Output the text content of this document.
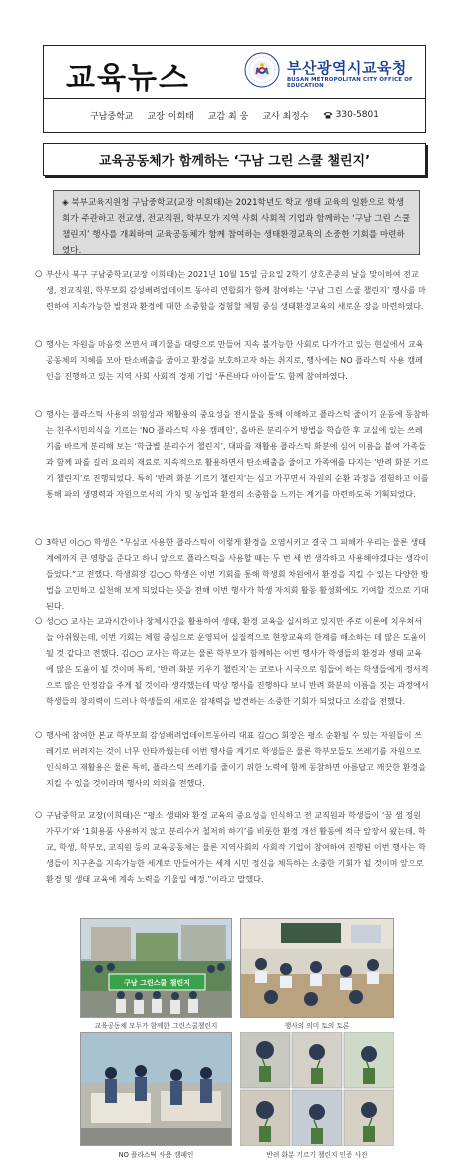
교육뉴스	부산광역시교육청
BUSAN METROPOLITAN CITY OFFICE OF EDUCATION
구남중학교 교장 이희태 교감 최 웅 교사 최정수	330-5801
교육공동체가 함께하는 ‘구남 그린 스쿨 챌린지’
◈ 북부교육지원청 구남중학교(교장 이희태)는 2021학년도 학교 생태 교육의 일환으로 학생회가 주관하고 전교생, 전교직원, 학부모가 지역 사회 사회적 기업과 함께하는 ‘구남 그린 스쿨 챌린지’ 행사를 개최하여 교육공동체가 함께 참여하는 생태환경교육의 소중한 기회를 마련하였다.
○ 부산시 북구 구남중학교(교장 이희태)는 2021년 10월 15일 금요일 2학기 상호존중의 날을 맞이하여 전교생, 전교직원, 학부모회 감성배려업데이트 동아리 연합회가 함께 참여하는 ‘구남 그린 스쿨 챌린지’ 행사를 마련하여 지속가능한 발전과 환경에 대한 소중함을 경험할 체험 중심 생태환경교육의 새로운 장을 마련하였다.
○ 행사는 자원을 마음껏 쓰면서 폐기물을 대량으로 만들어 지속 불가능한 사회로 다가가고 있는 현실에서 교육공동체의 지혜를 모아 탄소배출을 줄이고 환경을 보호하고자 하는 취지로, 행사에는 NO 플라스틱 사용 캠페인을 진행하고 있는 지역 사회 사회적 경제 기업 ‘푸른바다 아이들’도 함께 참여하였다.
○ 행사는 플라스틱 사용의 위험성과 재활용의 중요성을 전시물을 통해 이해하고 플라스틱 줄이기 운동에 동참하는 친주시민의식을 기르는 ‘NO 플라스틱 사용 캠페인’, 올바른 분리수거 방법을 학습한 후 교실에 있는 쓰레기를 바르게 분리해 보는 ‘학급별 분리수거 챌린지’, 대파를 재활용 플라스틱 화분에 심어 이름을 붙여 가족들과 함께 파를 길러 요리의 재료로 지속적으로 활용하면서 탄소배출을 줄이고 가족애를 다지는 ‘반려 화분 기르기 챌린지’로 진행되었다. 특히 ‘반려 화분 기르기 챌린지’는 심고 가꾸면서 자원의 순환 과정을 경험하고 이를 통해 파의 생명력과 자원으로서의 가치 및 농업과 환경의 소중함을 느끼는 계기를 마련하도록 기획되었다.
○ 3학년 이○○ 학생은 “무심코 사용한 플라스틱이 이렇게 환경을 오염시키고 결국 그 피해가 우리는 물론 생태계에까지 큰 영향을 준다고 하니 앞으로 플라스틱을 사용할 때는 두 번 세 번 생각하고 사용해야겠다는 생각이 들었다.”고 전했다. 학생회장 김○○ 학생은 이번 기회를 통해 학생회 차원에서 환경을 지킬 수 있는 다양한 방법을 고민하고 실천해 보게 되었다는 뜻을 전해 이번 행사가 학생 자치회 활동 활성화에도 기여할 것으로 기대된다.
○ 성○○ 교사는 교과시간이나 창체시간을 활용하여 생태, 환경 교육을 실시하고 있지만 주로 이론에 치우쳐서 늘 아쉬웠는데, 이번 기회는 체험 중심으로 운영되어 실질적으로 현장교육의 한계를 해소하는 데 많은 도움이 될 것 같다고 전했다. 김○○ 교사는 학교는 물론 학부모가 함께하는 이번 행사가 학생들의 환경과 생태 교육에 많은 도움이 될 것이며 특히, ‘반려 화분 키우기 챌린지’는 코로나 시국으로 힘들어 하는 학생들에게 정서적으로 많은 안정감을 주게 될 것이라 생각했는데 막상 행사를 진행하다 보니 반려 화분의 이름을 짓는 과정에서 학생들의 창의력이 드러나 학생들의 새로운 잠재력을 발견하는 소중한 기회가 되었다고 소감을 전했다.
○ 행사에 참여한 본교 학부모회 감성배려업데이트동아리 대표 김○○ 회장은 평소 순환될 수 있는 자원들이 쓰레기로 버려지는 것이 너무 안타까웠는데 이번 행사를 계기로 학생들은 물론 학부모들도 쓰레기를 자원으로 인식하고 재활용은 물론 특히, 플라스틱 쓰레기를 줄이기 위한 노력에 함께 동참하면 아름답고 깨끗한 환경을 지킬 수 있을 것이라며 행사의 의의를 전했다.
○ 구남중학교 교장(이희태)은 “평소 생태와 환경 교육의 중요성을 인식하고 전 교직원과 학생들이 ‘꿈 샘 정원 가꾸기’와 ‘1회용품 사용하지 않고 분리수거 철저히 하기’를 비롯한 환경 개선 활동에 적극 앞장서 왔는데, 학교, 학생, 학부모, 교직원 등의 교육공동체는 물론 지역사회의 사회적 기업이 참여하여 진행된 이번 행사는 학생들이 지구촌을 지속가능한 세계로 만들어가는 세계 시민 정신을 체득하는 소중한 기회가 될 것이며 앞으로 환경 및 생태 교육에 계속 노력을 기울일 예정.”이라고 말했다.
구남 그린스쿨 챌린지
교육공동체 모두가 함께한 그린스쿨챌린지	행사의 의미 토의 토론
NO 플라스틱 사용 캠페인	반려 화분 기르기 챌린지 인증 사진
